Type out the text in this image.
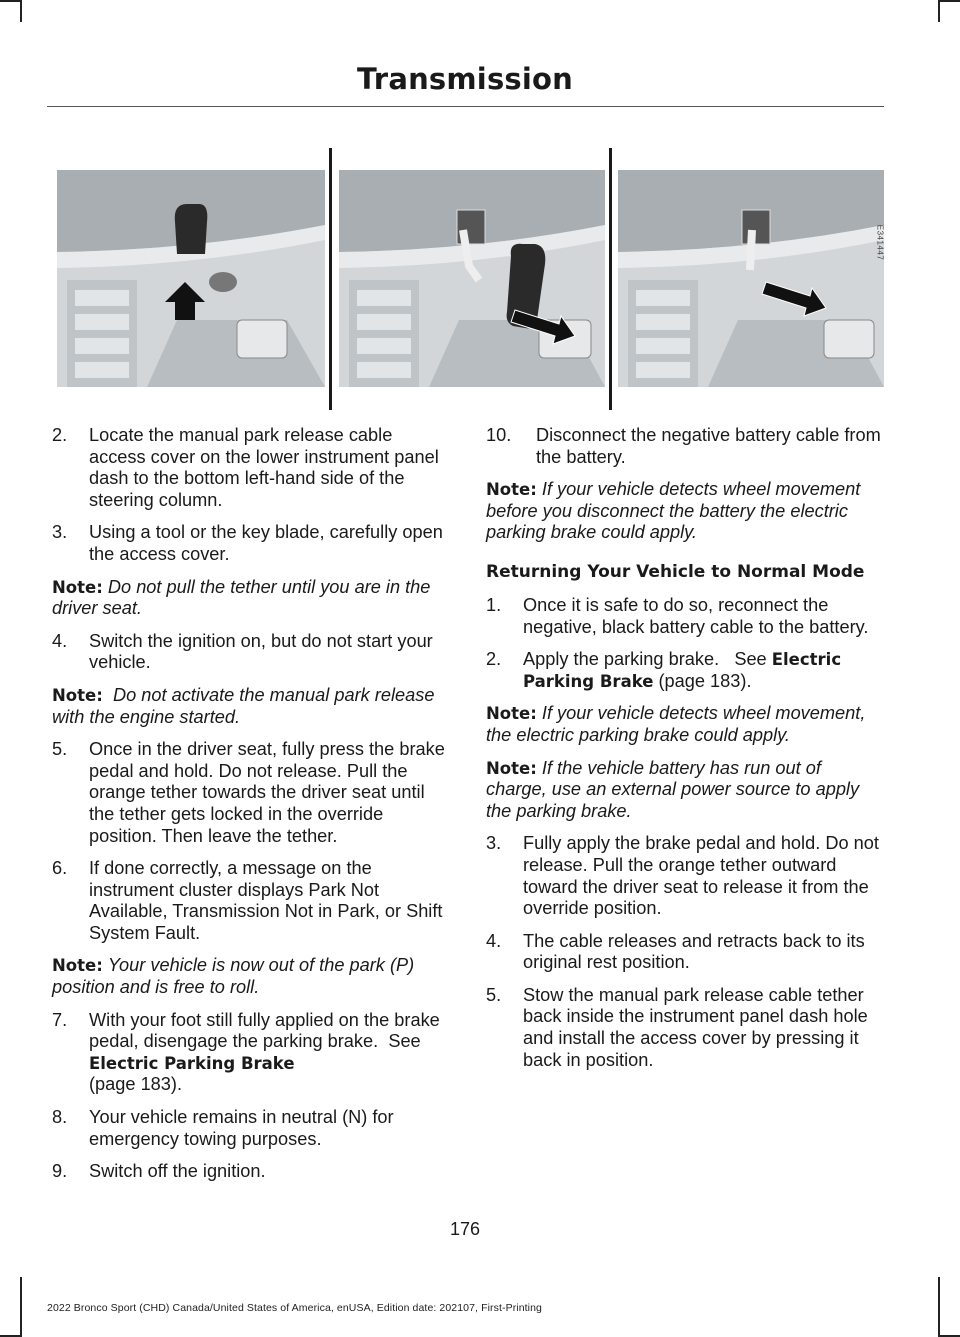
Transmission
E341447
2. Locate the manual park release cable access cover on the lower instrument panel dash to the bottom left-hand side of the steering column.
3. Using a tool or the key blade, carefully open the access cover.
Note: Do not pull the tether until you are in the driver seat.
4. Switch the ignition on, but do not start your vehicle.
Note: Do not activate the manual park release with the engine started.
5. Once in the driver seat, fully press the brake pedal and hold. Do not release. Pull the orange tether towards the driver seat until the tether gets locked in the override position. Then leave the tether.
6. If done correctly, a message on the instrument cluster displays Park Not Available, Transmission Not in Park, or Shift System Fault.
Note: Your vehicle is now out of the park (P) position and is free to roll.
7. With your foot still fully applied on the brake pedal, disengage the parking brake. See Electric Parking Brake
(page 183).
8. Your vehicle remains in neutral (N) for emergency towing purposes.
9. Switch off the ignition.
10. Disconnect the negative battery cable from the battery.
Note: If your vehicle detects wheel movement before you disconnect the battery the electric parking brake could apply.
Returning Your Vehicle to Normal Mode
1. Once it is safe to do so, reconnect the negative, black battery cable to the battery.
2. Apply the parking brake. See Electric Parking Brake (page 183).
Note: If your vehicle detects wheel movement, the electric parking brake could apply.
Note: If the vehicle battery has run out of charge, use an external power source to apply the parking brake.
3. Fully apply the brake pedal and hold. Do not release. Pull the orange tether outward toward the driver seat to release it from the override position.
4. The cable releases and retracts back to its original rest position.
5. Stow the manual park release cable tether back inside the instrument panel dash hole and install the access cover by pressing it back in position.
176
2022 Bronco Sport (CHD) Canada/United States of America, enUSA, Edition date: 202107, First-Printing
